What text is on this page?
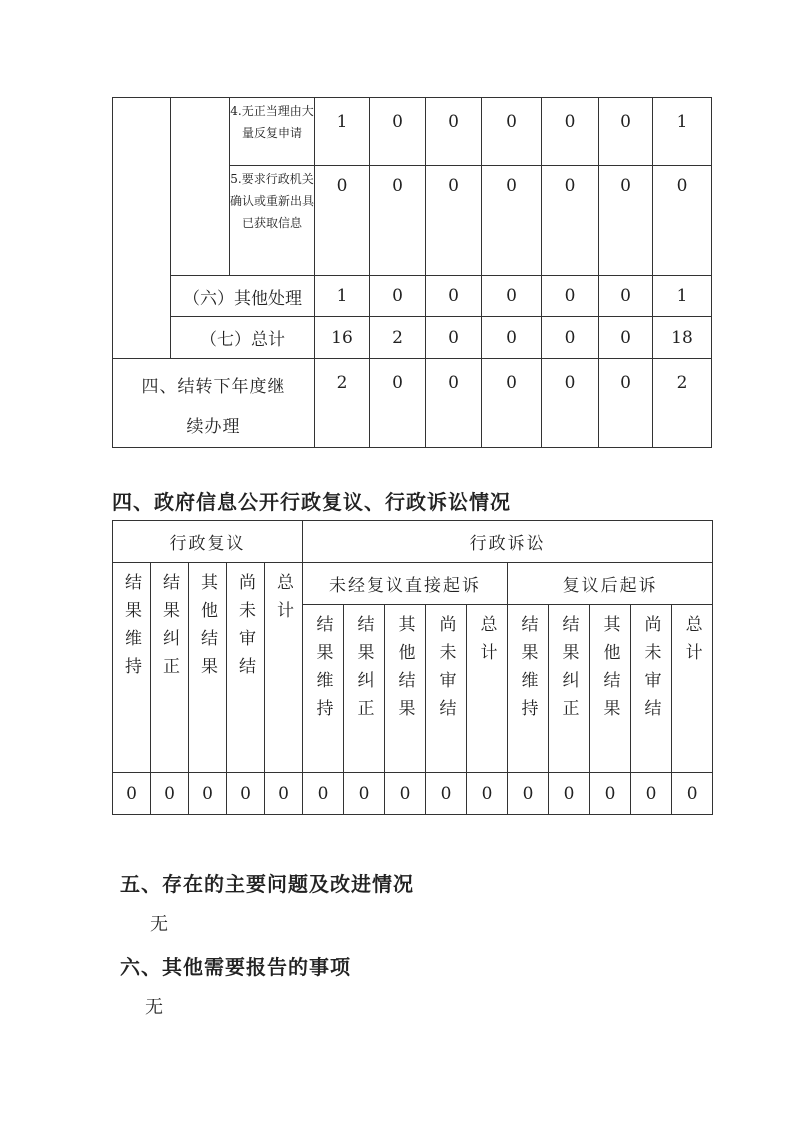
		4.无正当理由大量反复申请	1	0	0	0	0	0	1
		5.要求行政机关确认或重新出具已获取信息	0	0	0	0	0	0	0
	（六）其他处理		1	0	0	0	0	0	1
	（七）总计		16	2	0	0	0	0	18
四、结转下年度继续办理			2	0	0	0	0	0	2
四、政府信息公开行政复议、行政诉讼情况
行政复议					行政诉讼									
结果维持	结果纠正	其他结果	尚未审结	总计	未经复议直接起诉					复议后起诉				
					结果维持	结果纠正	其他结果	尚未审结	总计	结果维持	结果纠正	其他结果	尚未审结	总计
0	0	0	0	0	0	0	0	0	0	0	0	0	0	0
五、存在的主要问题及改进情况
无
六、其他需要报告的事项
无
